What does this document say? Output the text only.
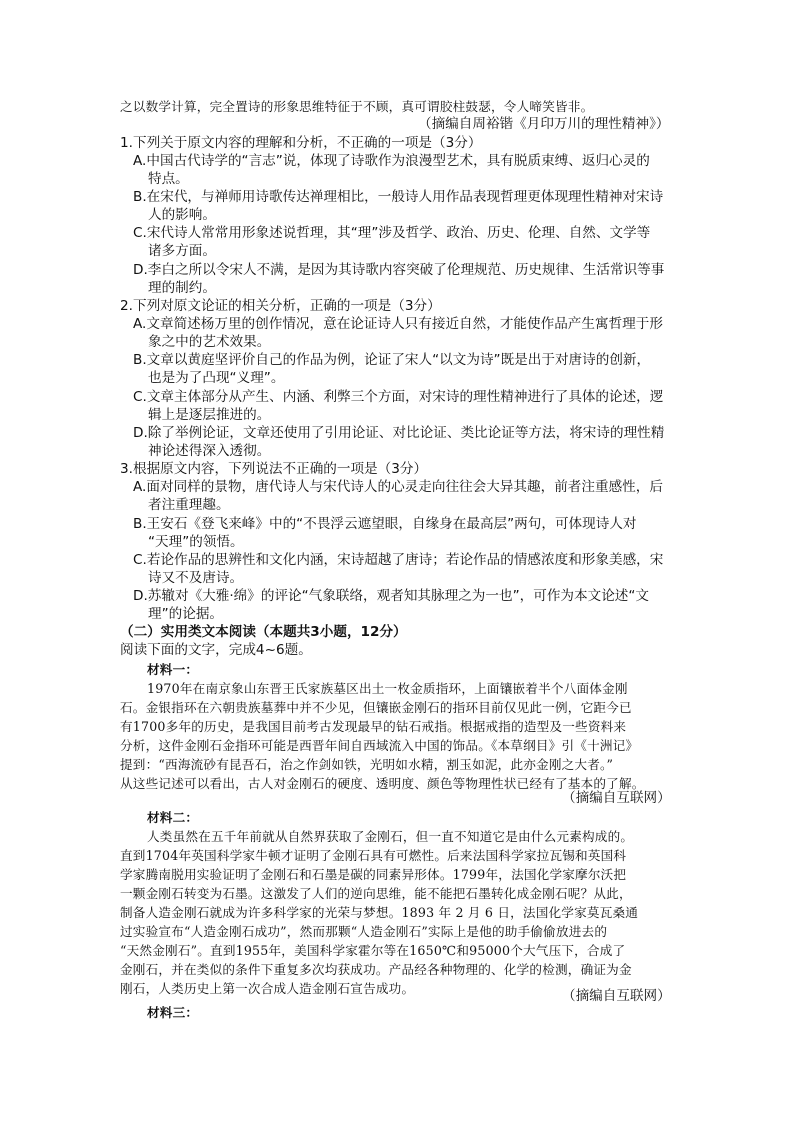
之以数学计算，完全置诗的形象思维特征于不顾，真可谓胶柱鼓瑟，令人啼笑皆非。
（摘编自周裕锴《月印万川的理性精神》）
1.下列关于原文内容的理解和分析，不正确的一项是（3分）
A.中国古代诗学的“言志”说，体现了诗歌作为浪漫型艺术，具有脱质束缚、返归心灵的
特点。
B.在宋代，与禅师用诗歌传达禅理相比，一般诗人用作品表现哲理更体现理性精神对宋诗
人的影响。
C.宋代诗人常常用形象述说哲理，其“理”涉及哲学、政治、历史、伦理、自然、文学等
诸多方面。
D.李白之所以令宋人不满，是因为其诗歌内容突破了伦理规范、历史规律、生活常识等事
理的制约。
2.下列对原文论证的相关分析，正确的一项是（3分）
A.文章简述杨万里的创作情况，意在论证诗人只有接近自然，才能使作品产生寓哲理于形
象之中的艺术效果。
B.文章以黄庭坚评价自己的作品为例，论证了宋人“以文为诗”既是出于对唐诗的创新，
也是为了凸现“义理”。
C.文章主体部分从产生、内涵、利弊三个方面，对宋诗的理性精神进行了具体的论述，逻
辑上是逐层推进的。
D.除了举例论证，文章还使用了引用论证、对比论证、类比论证等方法，将宋诗的理性精
神论述得深入透彻。
3.根据原文内容，下列说法不正确的一项是（3分）
A.面对同样的景物，唐代诗人与宋代诗人的心灵走向往往会大异其趣，前者注重感性，后
者注重理趣。
B.王安石《登飞来峰》中的“不畏浮云遮望眼，自缘身在最高层”两句，可体现诗人对
“天理”的领悟。
C.若论作品的思辨性和文化内涵，宋诗超越了唐诗；若论作品的情感浓度和形象美感，宋
诗又不及唐诗。
D.苏辙对《大雅·绵》的评论“气象联络，观者知其脉理之为一也”，可作为本文论述“文
理”的论据。
（二）实用类文本阅读（本题共3小题，12分）
阅读下面的文字，完成4~6题。
材料一：
1970年在南京象山东晋王氏家族墓区出土一枚金质指环，上面镶嵌着半个八面体金刚
石。金银指环在六朝贵族墓葬中并不少见，但镶嵌金刚石的指环目前仅见此一例，它距今已
有1700多年的历史，是我国目前考古发现最早的钻石戒指。根据戒指的造型及一些资料来
分析，这件金刚石金指环可能是西晋年间自西域流入中国的饰品。《本草纲目》引《十洲记》
提到：“西海流砂有昆吾石，治之作剑如铁，光明如水精，割玉如泥，此亦金刚之大者。”
从这些记述可以看出，古人对金刚石的硬度、透明度、颜色等物理性状已经有了基本的了解。
（摘编自互联网）
材料二：
人类虽然在五千年前就从自然界获取了金刚石，但一直不知道它是由什么元素构成的。
直到1704年英国科学家牛顿才证明了金刚石具有可燃性。后来法国科学家拉瓦锡和英国科
学家腾南脱用实验证明了金刚石和石墨是碳的同素异形体。1799年，法国化学家摩尔沃把
一颗金刚石转变为石墨。这激发了人们的逆向思维，能不能把石墨转化成金刚石呢？从此，
制备人造金刚石就成为许多科学家的光荣与梦想。1893 年 2 月 6 日，法国化学家莫瓦桑通
过实验宣布“人造金刚石成功”，然而那颗“人造金刚石”实际上是他的助手偷偷放进去的
“天然金刚石”。直到1955年，美国科学家霍尔等在1650℃和95000个大气压下，合成了
金刚石，并在类似的条件下重复多次均获成功。产品经各种物理的、化学的检测，确证为金
刚石，人类历史上第一次合成人造金刚石宣告成功。	（摘编自互联网）
材料三：
